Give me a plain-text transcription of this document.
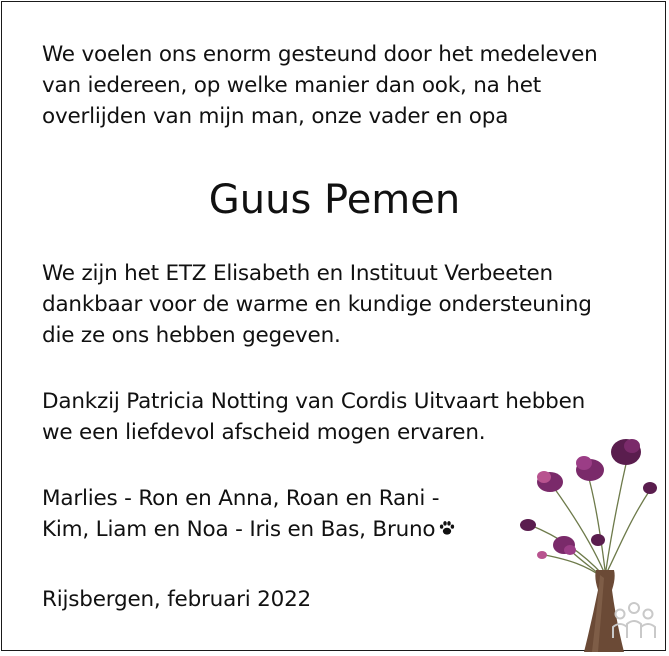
We voelen ons enorm gesteund door het medeleven
van iedereen, op welke manier dan ook, na het
overlijden van mijn man, onze vader en opa

Guus Pemen

We zijn het ETZ Elisabeth en Instituut Verbeeten
dankbaar voor de warme en kundige ondersteuning
die ze ons hebben gegeven.

Dankzij Patricia Notting van Cordis Uitvaart hebben
we een liefdevol afscheid mogen ervaren.

Marlies - Ron en Anna, Roan en Rani -
Kim, Liam en Noa - Iris en Bas, Bruno

Rijsbergen, februari 2022
